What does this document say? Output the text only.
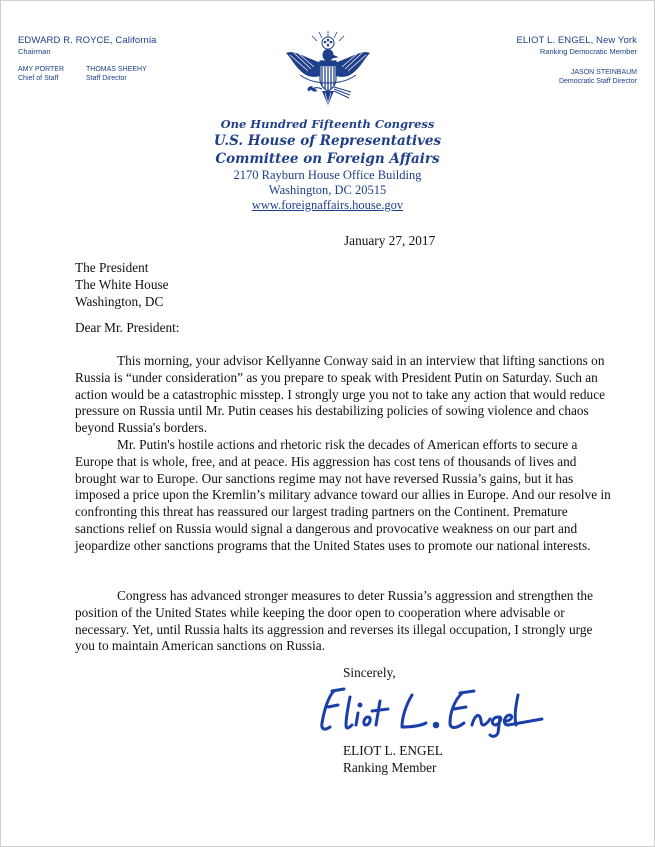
EDWARD R. ROYCE, California
Chairman
AMY PORTER
Chief of Staff
THOMAS SHEEHY
Staff Director
ELIOT L. ENGEL, New York
Ranking Democratic Member
JASON STEINBAUM
Democratic Staff Director
One Hundred Fifteenth Congress
U.S. House of Representatives
Committee on Foreign Affairs
2170 Rayburn House Office Building
Washington, DC 20515
www.foreignaffairs.house.gov
January 27, 2017
The President
The White House
Washington, DC
Dear Mr. President:

This morning, your advisor Kellyanne Conway said in an interview that lifting sanctions on Russia is “under consideration” as you prepare to speak with President Putin on Saturday. Such an action would be a catastrophic misstep. I strongly urge you not to take any action that would reduce pressure on Russia until Mr. Putin ceases his destabilizing policies of sowing violence and chaos beyond Russia's borders.

Mr. Putin's hostile actions and rhetoric risk the decades of American efforts to secure a Europe that is whole, free, and at peace. His aggression has cost tens of thousands of lives and brought war to Europe. Our sanctions regime may not have reversed Russia’s gains, but it has imposed a price upon the Kremlin’s military advance toward our allies in Europe. And our resolve in confronting this threat has reassured our largest trading partners on the Continent. Premature sanctions relief on Russia would signal a dangerous and provocative weakness on our part and jeopardize other sanctions programs that the United States uses to promote our national interests.

Congress has advanced stronger measures to deter Russia’s aggression and strengthen the position of the United States while keeping the door open to cooperation where advisable or necessary. Yet, until Russia halts its aggression and reverses its illegal occupation, I strongly urge you to maintain American sanctions on Russia.

Sincerely,
ELIOT L. ENGEL
Ranking Member
